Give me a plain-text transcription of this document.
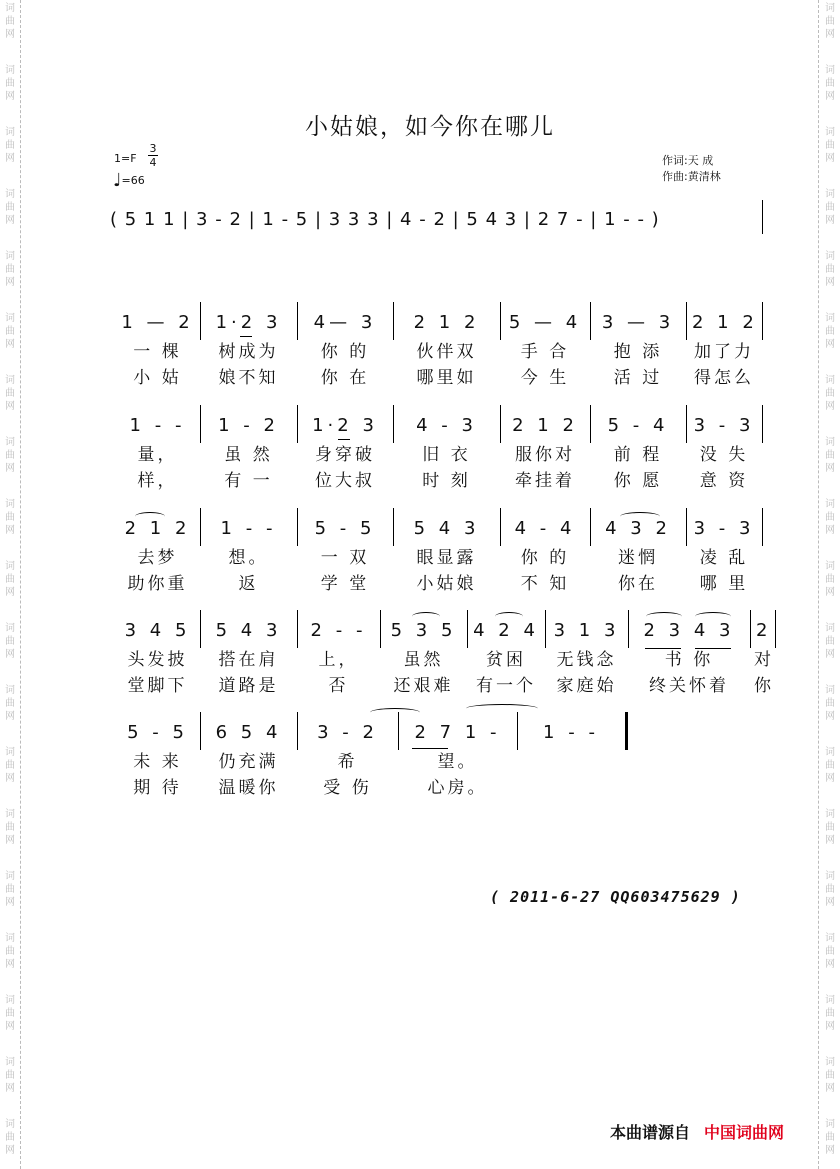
词
曲
网
词
曲
网
词
曲
网
词
曲
网
词
曲
网
词
曲
网
词
曲
网
词
曲
网
词
曲
网
词
曲
网
词
曲
网
词
曲
网
词
曲
网
词
曲
网
词
曲
网
词
曲
网
词
曲
网
词
曲
网
词
曲
网
词
曲
网
词
曲
网
词
曲
网
词
曲
网
词
曲
网
词
曲
网
词
曲
网
词
曲
网
词
曲
网
词
曲
网
词
曲
网
词
曲
网
词
曲
网
词
曲
网
词
曲
网
词
曲
网
词
曲
网
词
曲
网
词
曲
网
小姑娘，如今你在哪儿
1=F
3
4
♩=66
作词:天 成
作曲:黄清林
( 5 1 1 | 3 - 2 | 1 - 5 | 3 3 3 | 4 - 2 | 5 4 3 | 2 7 - | 1 - - )
1 — 2
一 棵
小 姑
1·2 3
树成为
娘不知
4— 3
你 的
你 在
2 1 2
伙伴双
哪里如
5 — 4
手 合
今 生
3 — 3
抱 添
活 过
2 1 2
加了力
得怎么
1 - -
量，
样，
1 - 2
虽 然
有 一
1·2 3
身穿破
位大叔
4 - 3
旧 衣
时 刻
2 1 2
服你对
牵挂着
5 - 4
前 程
你 愿
3 - 3
没 失
意 资
2 1 2
去梦
助你重
1 - -
想。
返
5 - 5
一 双
学 堂
5 4 3
眼显露
小姑娘
4 - 4
你 的
不 知
4 3 2
迷惘
你在
3 - 3
凌 乱
哪 里
3 4 5
头发披
堂脚下
5 4 3
搭在肩
道路是
2 - -
上，
否
5 3 5
虽然
还艰难
4 2 4
贫困
有一个
3 1 3
无钱念
家庭始
2 3 4 3
书 你
终关怀着
2
对
你
5 - 5
未 来
期 待
6 5 4
仍充满
温暖你
3 - 2
希
受 伤
2 7 1 -
望。
心房。
1 - -
( 2011-6-27 QQ603475629 )
本曲谱源自 中国词曲网
